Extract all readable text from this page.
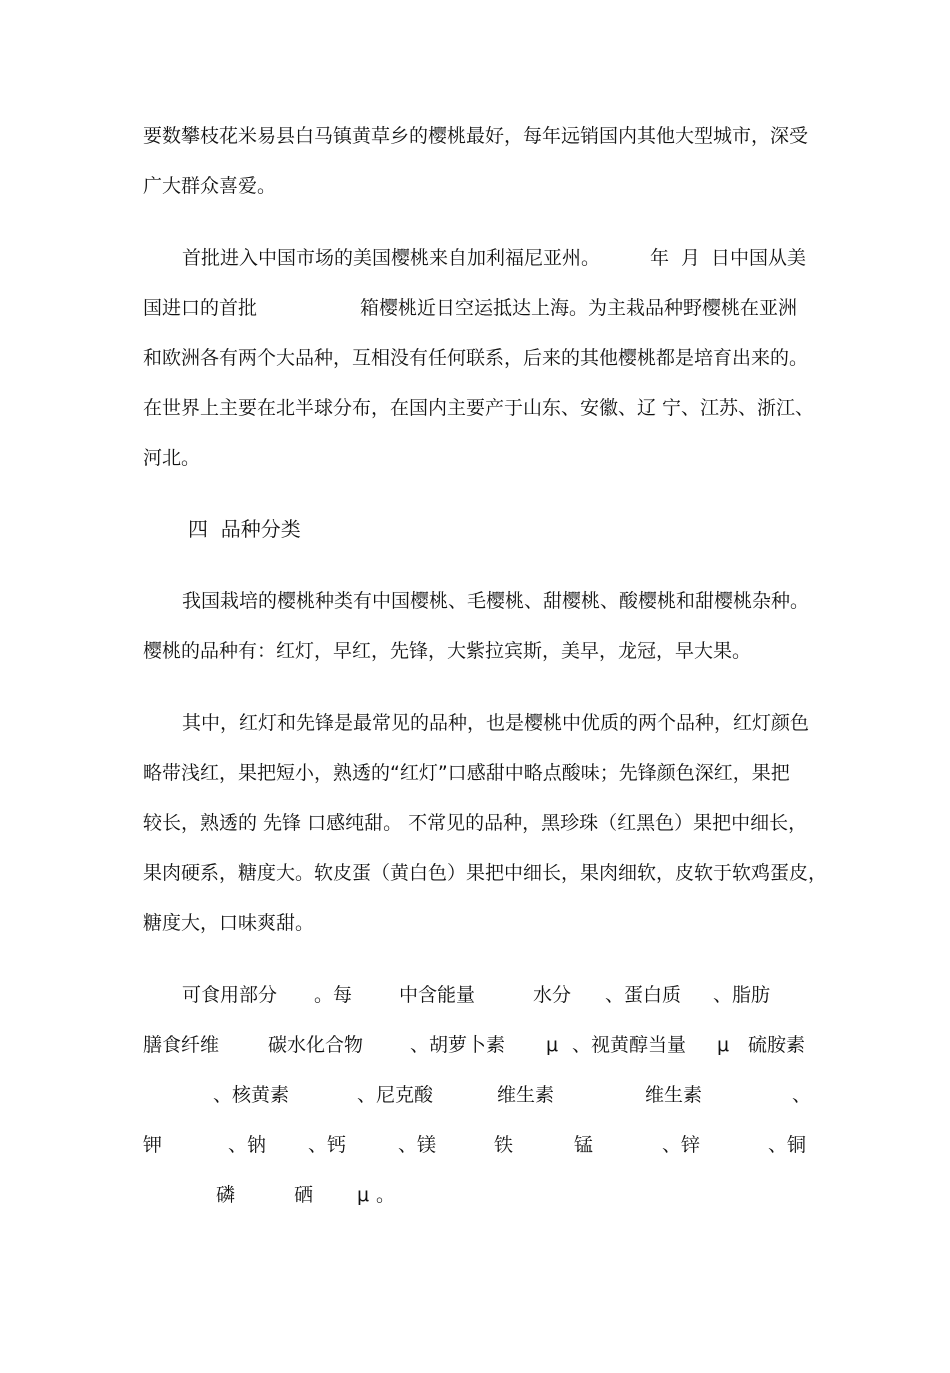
要数攀枝花米易县白马镇黄草乡的樱桃最好，每年远销国内其他大型城市，深受
广大群众喜爱。

首批进入中国市场的美国樱桃来自加利福尼亚州。

	年

月

日中国从美

国进口的首批

	箱樱桃近日空运抵达上海。为主栽品种野樱桃在亚洲

和欧洲各有两个大品种，互相没有任何联系，后来的其他樱桃都是培育出来的。
在世界上主要在北半球分布，在国内主要产于山东、安徽、辽 宁、江苏、浙江、
河北。
四  品种分类
我国栽培的樱桃种类有中国樱桃、毛樱桃、甜樱桃、酸樱桃和甜樱桃杂种。
樱桃的品种有：红灯，早红，先锋，大紫拉宾斯，美早，龙冠，早大果。
其中，红灯和先锋是最常见的品种，也是樱桃中优质的两个品种，红灯颜色
略带浅红，果把短小，熟透的“红灯”口感甜中略点酸味；先锋颜色深红，果把
较长，熟透的 先锋 口感纯甜。 不常见的品种，黑珍珠（红黑色）果把中细长，
果肉硬系，糖度大。软皮蛋（黄白色）果把中细长，果肉细软，皮软于软鸡蛋皮，
糖度大，口味爽甜。

可食用部分

。每

中含能量

	水分

、蛋白质

、脂肪

膳食纤维

	碳水化合物

、胡萝卜素

μ

、视黄醇当量

μ

硫胺素

、核黄素

	、尼克酸

	维生素

	维生素

	、

钾

	、钠

、钙

	、镁

	铁

	锰

	、锌

	、铜

磷

	硒

μ

。
